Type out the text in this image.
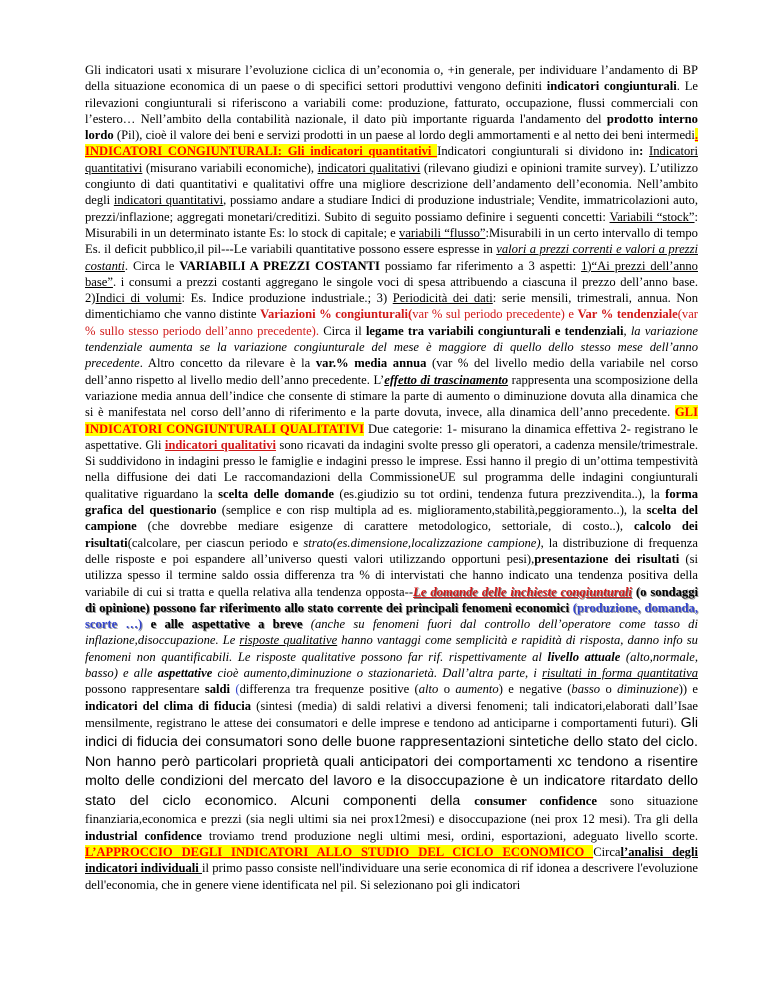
Gli indicatori usati x misurare l’evoluzione ciclica di un’economia o, +in generale, per individuare l’andamento di BP della situazione economica di un paese o di specifici settori produttivi vengono definiti indicatori congiunturali. Le rilevazioni congiunturali si riferiscono a variabili come: produzione, fatturato, occupazione, flussi commerciali con l’estero… Nell’ambito della contabilità nazionale, il dato più importante riguarda l'andamento del prodotto interno lordo (Pil), cioè il valore dei beni e servizi prodotti in un paese al lordo degli ammortamenti e al netto dei beni intermedi. INDICATORI CONGIUNTURALI: Gli indicatori quantitativi Indicatori congiunturali si dividono in: Indicatori quantitativi (misurano variabili economiche), indicatori qualitativi (rilevano giudizi e opinioni tramite survey). L’utilizzo congiunto di dati quantitativi e qualitativi offre una migliore descrizione dell’andamento dell’economia. Nell’ambito degli indicatori quantitativi, possiamo andare a studiare Indici di produzione industriale; Vendite, immatricolazioni auto, prezzi/inflazione; aggregati monetari/creditizi. Subito di seguito possiamo definire i seguenti concetti: Variabili “stock”: Misurabili in un determinato istante Es: lo stock di capitale; e variabili “flusso”:Misurabili in un certo intervallo di tempo Es. il deficit pubblico,il pil---Le variabili quantitative possono essere espresse in valori a prezzi correnti e valori a prezzi costanti. Circa le VARIABILI A PREZZI COSTANTI possiamo far riferimento a 3 aspetti: 1)“Ai prezzi dell’anno base”. i consumi a prezzi costanti aggregano le singole voci di spesa attribuendo a ciascuna il prezzo dell’anno base. 2)Indici di volumi: Es. Indice produzione industriale.; 3) Periodicità dei dati: serie mensili, trimestrali, annua. Non dimentichiamo che vanno distinte Variazioni % congiunturali(var % sul periodo precedente) e Var % tendenziale(var % sullo stesso periodo dell’anno precedente). Circa il legame tra variabili congiunturali e tendenziali, la variazione tendenziale aumenta se la variazione congiunturale del mese è maggiore di quello dello stesso mese dell’anno precedente. Altro concetto da rilevare è la var.% media annua (var % del livello medio della variabile nel corso dell’anno rispetto al livello medio dell’anno precedente. L’effetto di trascinamento rappresenta una scomposizione della variazione media annua dell’indice che consente di stimare la parte di aumento o diminuzione dovuta alla dinamica che si è manifestata nel corso dell’anno di riferimento e la parte dovuta, invece, alla dinamica dell’anno precedente. GLI INDICATORI CONGIUNTURALI QUALITATIVI Due categorie: 1- misurano la dinamica effettiva 2- registrano le aspettative. Gli indicatori qualitativi sono ricavati da indagini svolte presso gli operatori, a cadenza mensile/trimestrale. Si suddividono in indagini presso le famiglie e indagini presso le imprese. Essi hanno il pregio di un’ottima tempestività nella diffusione dei dati Le raccomandazioni della CommissioneUE sul programma delle indagini congiunturali qualitative riguardano la scelta delle domande (es.giudizio su tot ordini, tendenza futura prezzivendita..), la forma grafica del questionario (semplice e con risp multipla ad es. miglioramento,stabilità,peggioramento..), la scelta del campione (che dovrebbe mediare esigenze di carattere metodologico, settoriale, di costo..), calcolo dei risultati(calcolare, per ciascun periodo e strato(es.dimensione,localizzazione campione), la distribuzione di frequenza delle risposte e poi espandere all’universo questi valori utilizzando opportuni pesi),presentazione dei risultati (si utilizza spesso il termine saldo ossia differenza tra % di intervistati che hanno indicato una tendenza positiva della variabile di cui si tratta e quella relativa alla tendenza opposta--Le domande delle inchieste congiunturali (o sondaggi di opinione) possono far riferimento allo stato corrente dei principali fenomeni economici (produzione, domanda, scorte …) e alle aspettative a breve (anche su fenomeni fuori dal controllo dell’operatore come tasso di inflazione,disoccupazione. Le risposte qualitative hanno vantaggi come semplicità e rapidità di risposta, danno info su fenomeni non quantificabili. Le risposte qualitative possono far rif. rispettivamente al livello attuale (alto,normale, basso) e alle aspettative cioè aumento,diminuzione o stazionarietà. Dall’altra parte, i risultati in forma quantitativa possono rappresentare saldi (differenza tra frequenze positive (alto o aumento) e negative (basso o diminuzione)) e indicatori del clima di fiducia (sintesi (media) di saldi relativi a diversi fenomeni; tali indicatori,elaborati dall’Isae mensilmente, registrano le attese dei consumatori e delle imprese e tendono ad anticiparne i comportamenti futuri). Gli indici di fiducia dei consumatori sono delle buone rappresentazioni sintetiche dello stato del ciclo. Non hanno però particolari proprietà quali anticipatori dei comportamenti xc tendono a risentire molto delle condizioni del mercato del lavoro e la disoccupazione è un indicatore ritardato dello stato del ciclo economico. Alcuni componenti della consumer confidence sono situazione finanziaria,economica e prezzi (sia negli ultimi sia nei prox12mesi) e disoccupazione (nei prox 12 mesi). Tra gli della industrial confidence troviamo trend produzione negli ultimi mesi, ordini, esportazioni, adeguato livello scorte. L’APPROCCIO DEGLI INDICATORI ALLO STUDIO DEL CICLO ECONOMICO Circal’analisi degli indicatori individuali il primo passo consiste nell'individuare una serie economica di rif idonea a descrivere l'evoluzione dell'economia, che in genere viene identificata nel pil. Si selezionano poi gli indicatori
